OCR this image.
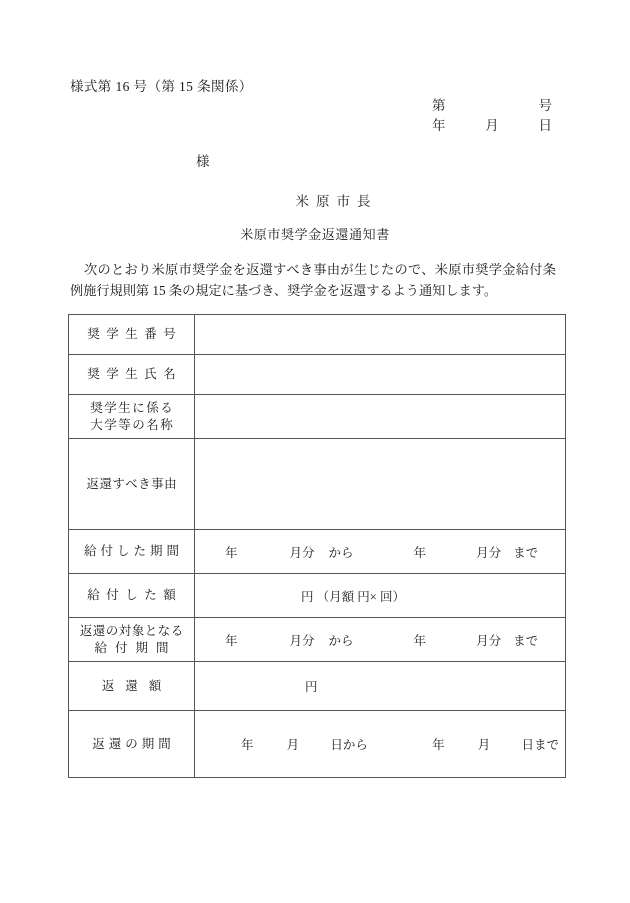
様式第 16 号（第 15 条関係）
第	号
年	月	日
様
米原市長
米原市奨学金返還通知書
次のとおり米原市奨学金を返還すべき事由が生じたので、米原市奨学金給付条例施行規則第 15 条の規定に基づき、奨学金を返還するよう通知します。
奨学生番号	

奨学生氏名	

奨学生に係る
大学等の名称	

返還すべき事由	

給付した期間	年	月分 から	年	月分 まで

給付した額	円 （月額 円× 回）

返還の対象となる
給付期間	年	月分 から	年	月分 まで

返還額	円

返還の期間	年	月 日から	年	月 日まで
